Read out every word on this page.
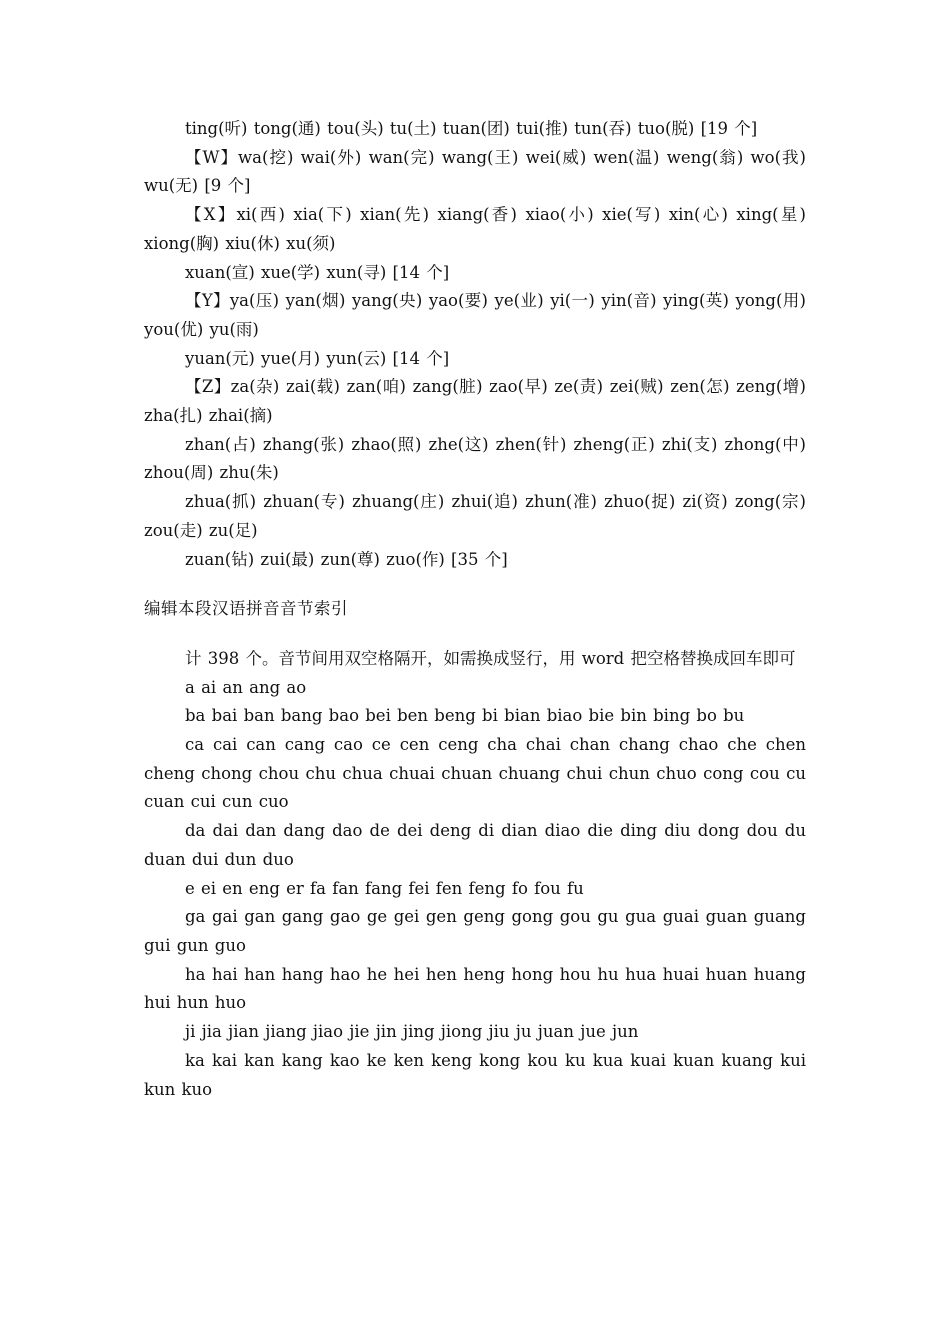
ting(听) tong(通) tou(头) tu(土) tuan(团) tui(推) tun(吞) tuo(脱) [19 个]

【W】wa(挖) wai(外) wan(完) wang(王) wei(威) wen(温) weng(翁) wo(我) wu(无) [9 个]

【X】xi(西) xia(下) xian(先) xiang(香) xiao(小) xie(写) xin(心) xing(星) xiong(胸) xiu(休) xu(须)

xuan(宣) xue(学) xun(寻) [14 个]

【Y】ya(压) yan(烟) yang(央) yao(要) ye(业) yi(一) yin(音) ying(英) yong(用) you(优) yu(雨)

yuan(元) yue(月) yun(云) [14 个]

【Z】za(杂) zai(载) zan(咱) zang(脏) zao(早) ze(责) zei(贼) zen(怎) zeng(增) zha(扎) zhai(摘)

zhan(占) zhang(张) zhao(照) zhe(这) zhen(针) zheng(正) zhi(支) zhong(中) zhou(周) zhu(朱)

zhua(抓) zhuan(专) zhuang(庄) zhui(追) zhun(准) zhuo(捉) zi(资) zong(宗) zou(走) zu(足)

zuan(钻) zui(最) zun(尊) zuo(作) [35 个]

编辑本段汉语拼音音节索引

计 398 个。音节间用双空格隔开，如需换成竖行，用 word 把空格替换成回车即可

a ai an ang ao

ba bai ban bang bao bei ben beng bi bian biao bie bin bing bo bu

ca cai can cang cao ce cen ceng cha chai chan chang chao che chen cheng chong chou chu chua chuai chuan chuang chui chun chuo cong cou cu cuan cui cun cuo

da dai dan dang dao de dei deng di dian diao die ding diu dong dou du duan dui dun duo

e ei en eng er fa fan fang fei fen feng fo fou fu

ga gai gan gang gao ge gei gen geng gong gou gu gua guai guan guang gui gun guo

ha hai han hang hao he hei hen heng hong hou hu hua huai huan huang hui hun huo

ji jia jian jiang jiao jie jin jing jiong jiu ju juan jue jun

ka kai kan kang kao ke ken keng kong kou ku kua kuai kuan kuang kui kun kuo
